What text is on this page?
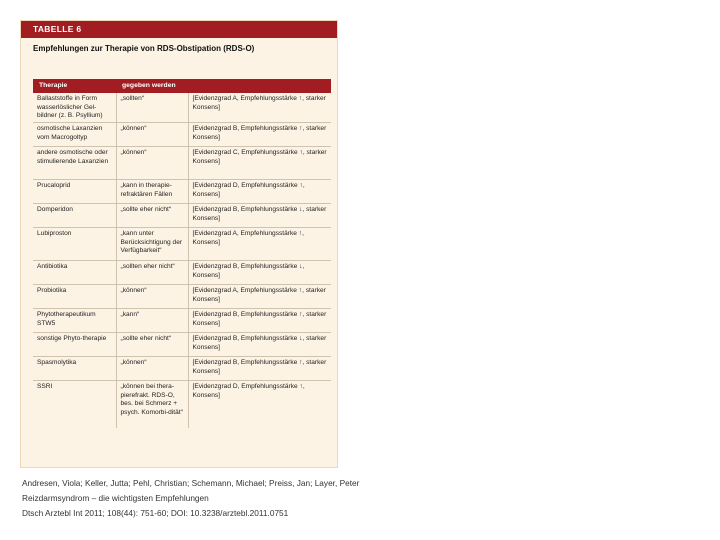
TABELLE 6
Empfehlungen zur Therapie von RDS-Obstipation (RDS-O)
Therapie	gegeben werden	
Ballaststoffe in Form wasserlöslicher Gel-bildner (z. B. Psyllium)	„sollten“	[Evidenzgrad A, Empfehlungsstärke ↑, starker Konsens]
osmotische Laxanzien vom Macrogoltyp	„können“	[Evidenzgrad B, Empfehlungsstärke ↑, starker Konsens]
andere osmotische oder stimulierende Laxanzien	„können“	[Evidenzgrad C, Empfehlungsstärke ↑, starker Konsens]
Prucaloprid	„kann in therapie-refraktären Fällen	[Evidenzgrad D, Empfehlungsstärke ↑, Konsens]
Domperidon	„sollte eher nicht“	[Evidenzgrad B, Empfehlungsstärke ↓, starker Konsens]
Lubiproston	„kann unter Berücksichtigung der Verfügbarkeit“	[Evidenzgrad A, Empfehlungsstärke ↑, Konsens]
Antibiotika	„sollten eher nicht“	[Evidenzgrad B, Empfehlungsstärke ↓, Konsens]
Probiotika	„können“	[Evidenzgrad A, Empfehlungsstärke ↑, starker Konsens]
Phytotherapeutikum STW5	„kann“	[Evidenzgrad B, Empfehlungsstärke ↑, starker Konsens]
sonstige Phyto-therapie	„sollte eher nicht“	[Evidenzgrad B, Empfehlungsstärke ↓, starker Konsens]
Spasmolytika	„können“	[Evidenzgrad B, Empfehlungsstärke ↑, starker Konsens]
SSRI	„können bei thera-pierefrakt. RDS-O, bes. bei Schmerz + psych. Komorbi-dität“	[Evidenzgrad D, Empfehlungsstärke ↑, Konsens]
Andresen, Viola; Keller, Jutta; Pehl, Christian; Schemann, Michael; Preiss, Jan; Layer, Peter
Reizdarmsyndrom – die wichtigsten Empfehlungen
Dtsch Arztebl Int 2011; 108(44): 751-60; DOI: 10.3238/arztebl.2011.0751
